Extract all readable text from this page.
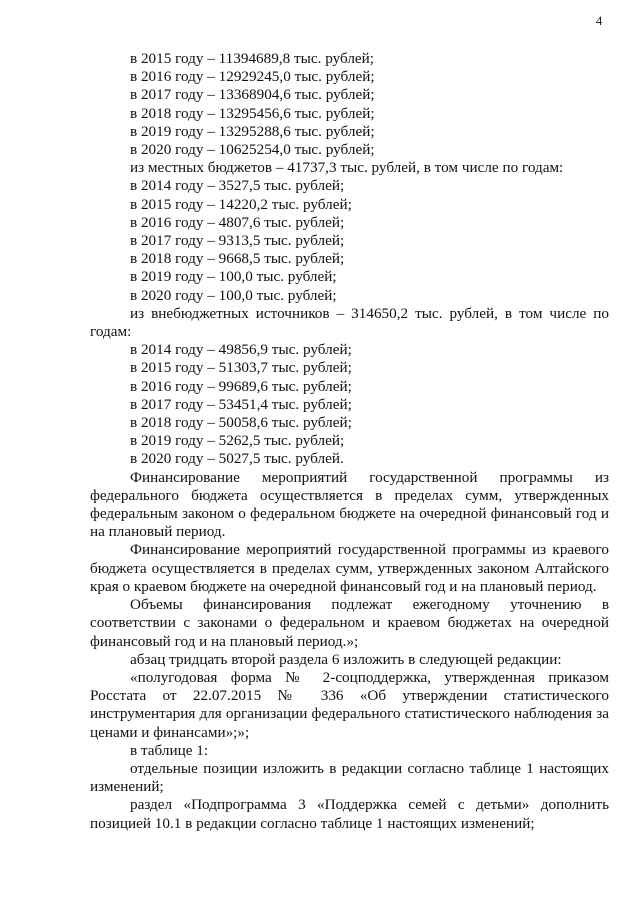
4
в 2015 году – 11394689,8 тыс. рублей;
в 2016 году – 12929245,0 тыс. рублей;
в 2017 году – 13368904,6 тыс. рублей;
в 2018 году – 13295456,6 тыс. рублей;
в 2019 году – 13295288,6 тыс. рублей;
в 2020 году – 10625254,0 тыс. рублей;
из местных бюджетов – 41737,3 тыс. рублей, в том числе по годам:
в 2014 году – 3527,5 тыс. рублей;
в 2015 году – 14220,2 тыс. рублей;
в 2016 году – 4807,6 тыс. рублей;
в 2017 году – 9313,5 тыс. рублей;
в 2018 году – 9668,5 тыс. рублей;
в 2019 году – 100,0 тыс. рублей;
в 2020 году – 100,0 тыс. рублей;
из внебюджетных источников – 314650,2 тыс. рублей, в том числе по годам:
в 2014 году – 49856,9 тыс. рублей;
в 2015 году – 51303,7 тыс. рублей;
в 2016 году – 99689,6 тыс. рублей;
в 2017 году – 53451,4 тыс. рублей;
в 2018 году – 50058,6 тыс. рублей;
в 2019 году – 5262,5 тыс. рублей;
в 2020 году – 5027,5 тыс. рублей.
Финансирование мероприятий государственной программы из федерального бюджета осуществляется в пределах сумм, утвержденных федеральным законом о федеральном бюджете на очередной финансовый год и на плановый период.
Финансирование мероприятий государственной программы из краевого бюджета осуществляется в пределах сумм, утвержденных законом Алтайского края о краевом бюджете на очередной финансовый год и на плановый период.
Объемы финансирования подлежат ежегодному уточнению в соответствии с законами о федеральном и краевом бюджетах на очередной финансовый год и на плановый период.»;
абзац тридцать второй раздела 6 изложить в следующей редакции:
«полугодовая форма № 2-соцподдержка, утвержденная приказом Росстата от 22.07.2015 № 336 «Об утверждении статистического инструментария для организации федерального статистического наблюдения за ценами и финансами»;»;
в таблице 1:
отдельные позиции изложить в редакции согласно таблице 1 настоящих изменений;
раздел «Подпрограмма 3 «Поддержка семей с детьми» дополнить позицией 10.1 в редакции согласно таблице 1 настоящих изменений;
